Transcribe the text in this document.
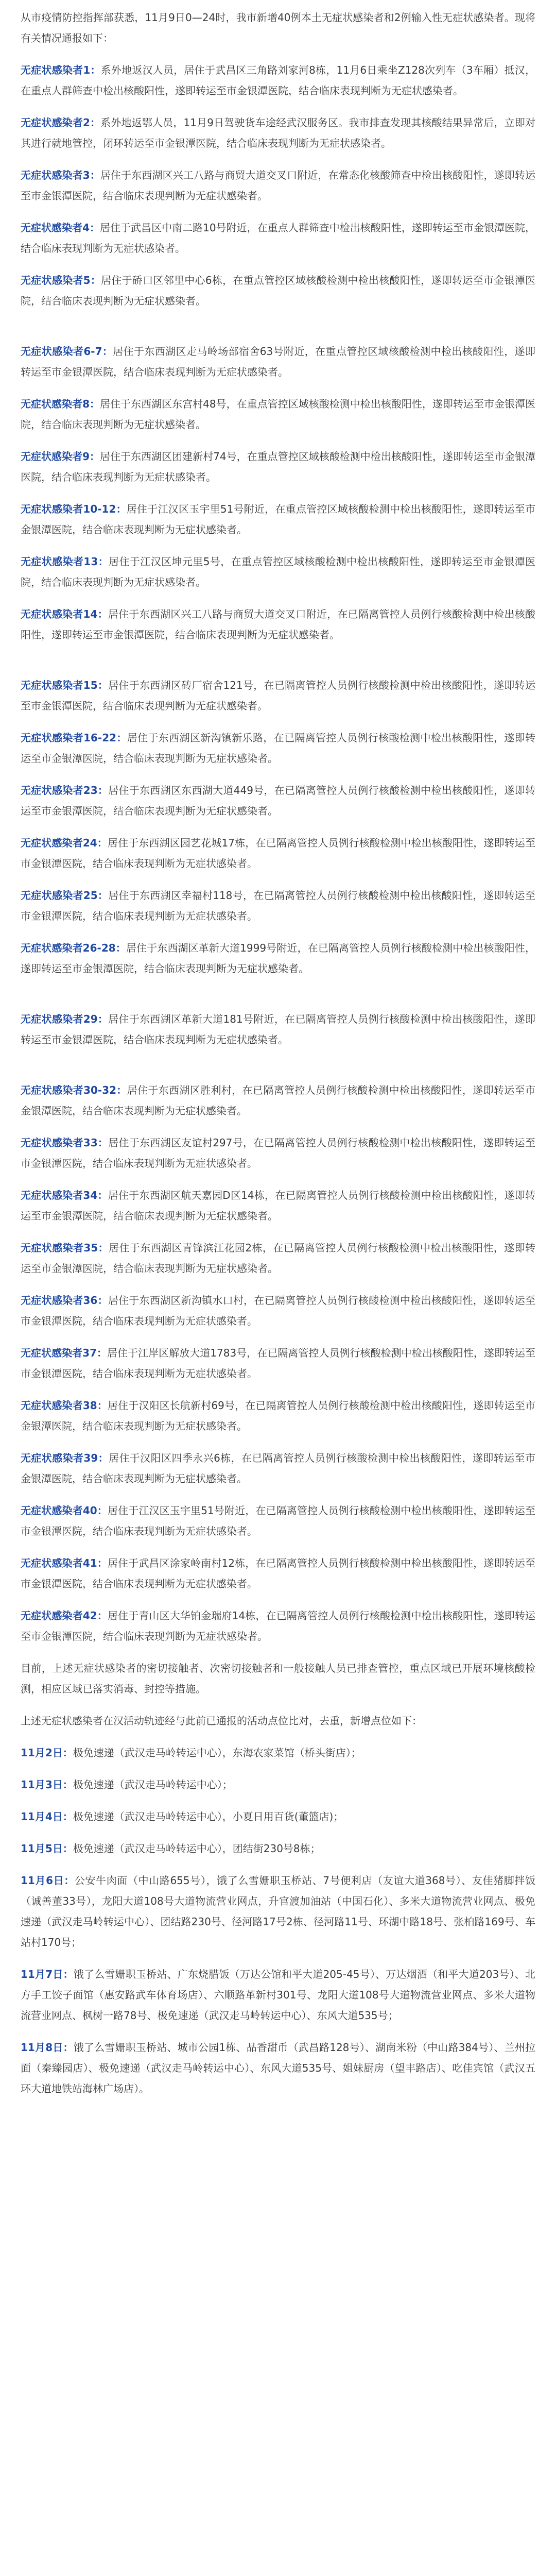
从市疫情防控指挥部获悉，11月9日0—24时，我市新增40例本土无症状感染者和2例输入性无症状感染者。现将有关情况通报如下：

无症状感染者1：系外地返汉人员，居住于武昌区三角路刘家河8栋，11月6日乘坐Z128次列车（3车厢）抵汉，在重点人群筛查中检出核酸阳性，遂即转运至市金银潭医院，结合临床表现判断为无症状感染者。

无症状感染者2：系外地返鄂人员，11月9日驾驶货车途经武汉服务区。我市排查发现其核酸结果异常后，立即对其进行就地管控，闭环转运至市金银潭医院，结合临床表现判断为无症状感染者。

无症状感染者3：居住于东西湖区兴工八路与商贸大道交叉口附近，在常态化核酸筛查中检出核酸阳性，遂即转运至市金银潭医院，结合临床表现判断为无症状感染者。

无症状感染者4：居住于武昌区中南二路10号附近，在重点人群筛查中检出核酸阳性，遂即转运至市金银潭医院，结合临床表现判断为无症状感染者。

无症状感染者5：居住于硚口区邻里中心6栋，在重点管控区域核酸检测中检出核酸阳性，遂即转运至市金银潭医院，结合临床表现判断为无症状感染者。

无症状感染者6-7：居住于东西湖区走马岭场部宿舍63号附近，在重点管控区域核酸检测中检出核酸阳性，遂即转运至市金银潭医院，结合临床表现判断为无症状感染者。

无症状感染者8：居住于东西湖区东宫村48号，在重点管控区域核酸检测中检出核酸阳性，遂即转运至市金银潭医院，结合临床表现判断为无症状感染者。

无症状感染者9：居住于东西湖区团建新村74号，在重点管控区域核酸检测中检出核酸阳性，遂即转运至市金银潭医院，结合临床表现判断为无症状感染者。

无症状感染者10-12：居住于江汉区玉宇里51号附近，在重点管控区域核酸检测中检出核酸阳性，遂即转运至市金银潭医院，结合临床表现判断为无症状感染者。

无症状感染者13：居住于江汉区坤元里5号，在重点管控区域核酸检测中检出核酸阳性，遂即转运至市金银潭医院，结合临床表现判断为无症状感染者。

无症状感染者14：居住于东西湖区兴工八路与商贸大道交叉口附近，在已隔离管控人员例行核酸检测中检出核酸阳性，遂即转运至市金银潭医院，结合临床表现判断为无症状感染者。

无症状感染者15：居住于东西湖区砖厂宿舍121号，在已隔离管控人员例行核酸检测中检出核酸阳性，遂即转运至市金银潭医院，结合临床表现判断为无症状感染者。

无症状感染者16-22：居住于东西湖区新沟镇新乐路，在已隔离管控人员例行核酸检测中检出核酸阳性，遂即转运至市金银潭医院，结合临床表现判断为无症状感染者。

无症状感染者23：居住于东西湖区东西湖大道449号，在已隔离管控人员例行核酸检测中检出核酸阳性，遂即转运至市金银潭医院，结合临床表现判断为无症状感染者。

无症状感染者24：居住于东西湖区园艺花城17栋，在已隔离管控人员例行核酸检测中检出核酸阳性，遂即转运至市金银潭医院，结合临床表现判断为无症状感染者。

无症状感染者25：居住于东西湖区幸福村118号，在已隔离管控人员例行核酸检测中检出核酸阳性，遂即转运至市金银潭医院，结合临床表现判断为无症状感染者。

无症状感染者26-28：居住于东西湖区革新大道1999号附近，在已隔离管控人员例行核酸检测中检出核酸阳性，遂即转运至市金银潭医院，结合临床表现判断为无症状感染者。

无症状感染者29：居住于东西湖区革新大道181号附近，在已隔离管控人员例行核酸检测中检出核酸阳性，遂即转运至市金银潭医院，结合临床表现判断为无症状感染者。

无症状感染者30-32：居住于东西湖区胜利村，在已隔离管控人员例行核酸检测中检出核酸阳性，遂即转运至市金银潭医院，结合临床表现判断为无症状感染者。

无症状感染者33：居住于东西湖区友谊村297号，在已隔离管控人员例行核酸检测中检出核酸阳性，遂即转运至市金银潭医院，结合临床表现判断为无症状感染者。

无症状感染者34：居住于东西湖区航天嘉园D区14栋，在已隔离管控人员例行核酸检测中检出核酸阳性，遂即转运至市金银潭医院，结合临床表现判断为无症状感染者。

无症状感染者35：居住于东西湖区青锋滨江花园2栋，在已隔离管控人员例行核酸检测中检出核酸阳性，遂即转运至市金银潭医院，结合临床表现判断为无症状感染者。

无症状感染者36：居住于东西湖区新沟镇水口村，在已隔离管控人员例行核酸检测中检出核酸阳性，遂即转运至市金银潭医院，结合临床表现判断为无症状感染者。

无症状感染者37：居住于江岸区解放大道1783号，在已隔离管控人员例行核酸检测中检出核酸阳性，遂即转运至市金银潭医院，结合临床表现判断为无症状感染者。

无症状感染者38：居住于汉阳区长航新村69号，在已隔离管控人员例行核酸检测中检出核酸阳性，遂即转运至市金银潭医院，结合临床表现判断为无症状感染者。

无症状感染者39：居住于汉阳区四季永兴6栋，在已隔离管控人员例行核酸检测中检出核酸阳性，遂即转运至市金银潭医院，结合临床表现判断为无症状感染者。

无症状感染者40：居住于江汉区玉宇里51号附近，在已隔离管控人员例行核酸检测中检出核酸阳性，遂即转运至市金银潭医院，结合临床表现判断为无症状感染者。

无症状感染者41：居住于武昌区涂家岭南村12栋，在已隔离管控人员例行核酸检测中检出核酸阳性，遂即转运至市金银潭医院，结合临床表现判断为无症状感染者。

无症状感染者42：居住于青山区大华铂金瑞府14栋，在已隔离管控人员例行核酸检测中检出核酸阳性，遂即转运至市金银潭医院，结合临床表现判断为无症状感染者。

目前，上述无症状感染者的密切接触者、次密切接触者和一般接触人员已排查管控，重点区域已开展环境核酸检测，相应区域已落实消毒、封控等措施。

上述无症状感染者在汉活动轨迹经与此前已通报的活动点位比对，去重，新增点位如下：

11月2日：极免速递（武汉走马岭转运中心），东海农家菜馆（桥头街店）；

11月3日：极免速递（武汉走马岭转运中心）；

11月4日：极免速递（武汉走马岭转运中心），小夏日用百货(董篮店)；

11月5日：极免速递（武汉走马岭转运中心），团结街230号8栋；

11月6日：公安牛肉面（中山路655号），饿了么雪姗职玉桥站、7号便利店（友谊大道368号）、友佳猪脚拌饭（诚善董33号），龙阳大道108号大道物流营业网点，升官渡加油站（中国石化）、多米大道物流营业网点、极免速递（武汉走马岭转运中心）、团结路230号、径河路17号2栋、径河路11号、环湖中路18号、张柏路169号、车站村170号；

11月7日：饿了么雪姗职玉桥站、广东烧腊饭（万达公馆和平大道205-45号）、万达烟酒（和平大道203号）、北方手工饺子面馆（惠安路武车体育场店）、六顺路革新村301号、龙阳大道108号大道物流营业网点、多米大道物流营业网点、枫树一路78号、极免速递（武汉走马岭转运中心）、东风大道535号；

11月8日：饿了么雪姗职玉桥站、城市公园1栋、品香甜币（武昌路128号）、湖南米粉（中山路384号）、兰州拉面（秦臻园店）、极免速递（武汉走马岭转运中心）、东风大道535号、姐妹厨房（望丰路店）、吃佳宾馆（武汉五环大道地铁站海林广场店）。
